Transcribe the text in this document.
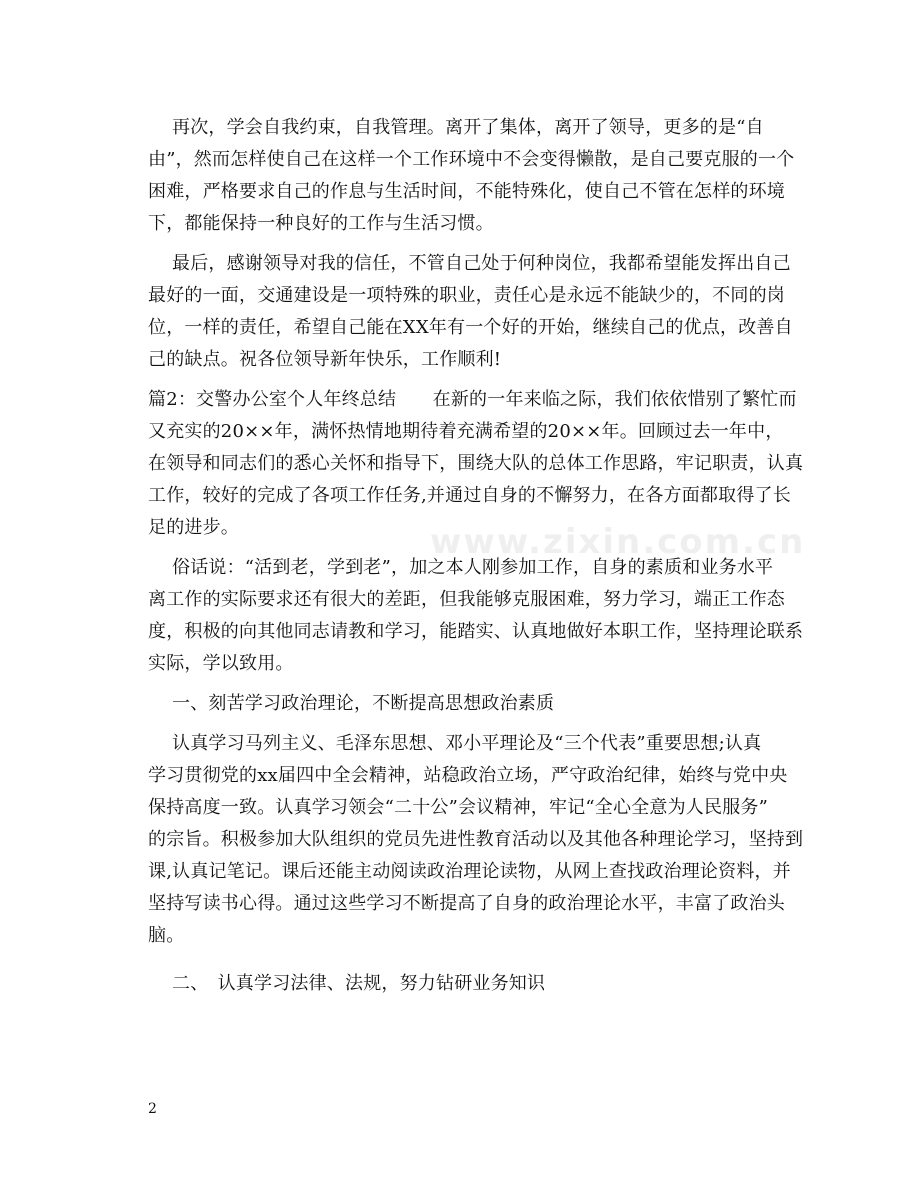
www.zixin.com.cn
再次，学会自我约束，自我管理。离开了集体，离开了领导，更多的是“自
由”，然而怎样使自己在这样一个工作环境中不会变得懒散，是自己要克服的一个
困难，严格要求自己的作息与生活时间，不能特殊化，使自己不管在怎样的环境
下，都能保持一种良好的工作与生活习惯。
最后，感谢领导对我的信任，不管自己处于何种岗位，我都希望能发挥出自己
最好的一面，交通建设是一项特殊的职业，责任心是永远不能缺少的，不同的岗
位，一样的责任，希望自己能在XX年有一个好的开始，继续自己的优点，改善自
己的缺点。祝各位领导新年快乐，工作顺利!
篇2：交警办公室个人年终总结　　在新的一年来临之际，我们依依惜别了繁忙而
又充实的20××年，满怀热情地期待着充满希望的20××年。回顾过去一年中，
在领导和同志们的悉心关怀和指导下，围绕大队的总体工作思路，牢记职责，认真
工作，较好的完成了各项工作任务,并通过自身的不懈努力，在各方面都取得了长
足的进步。
俗话说：“活到老，学到老”，加之本人刚参加工作，自身的素质和业务水平
离工作的实际要求还有很大的差距，但我能够克服困难，努力学习，端正工作态
度，积极的向其他同志请教和学习，能踏实、认真地做好本职工作，坚持理论联系
实际，学以致用。
一、刻苦学习政治理论，不断提高思想政治素质
认真学习马列主义、毛泽东思想、邓小平理论及“三个代表”重要思想;认真
学习贯彻党的xx届四中全会精神，站稳政治立场，严守政治纪律，始终与党中央
保持高度一致。认真学习领会“二十公”会议精神，牢记“全心全意为人民服务”
的宗旨。积极参加大队组织的党员先进性教育活动以及其他各种理论学习，坚持到
课,认真记笔记。课后还能主动阅读政治理论读物，从网上查找政治理论资料，并
坚持写读书心得。通过这些学习不断提高了自身的政治理论水平，丰富了政治头
脑。
二、　认真学习法律、法规，努力钻研业务知识
2
